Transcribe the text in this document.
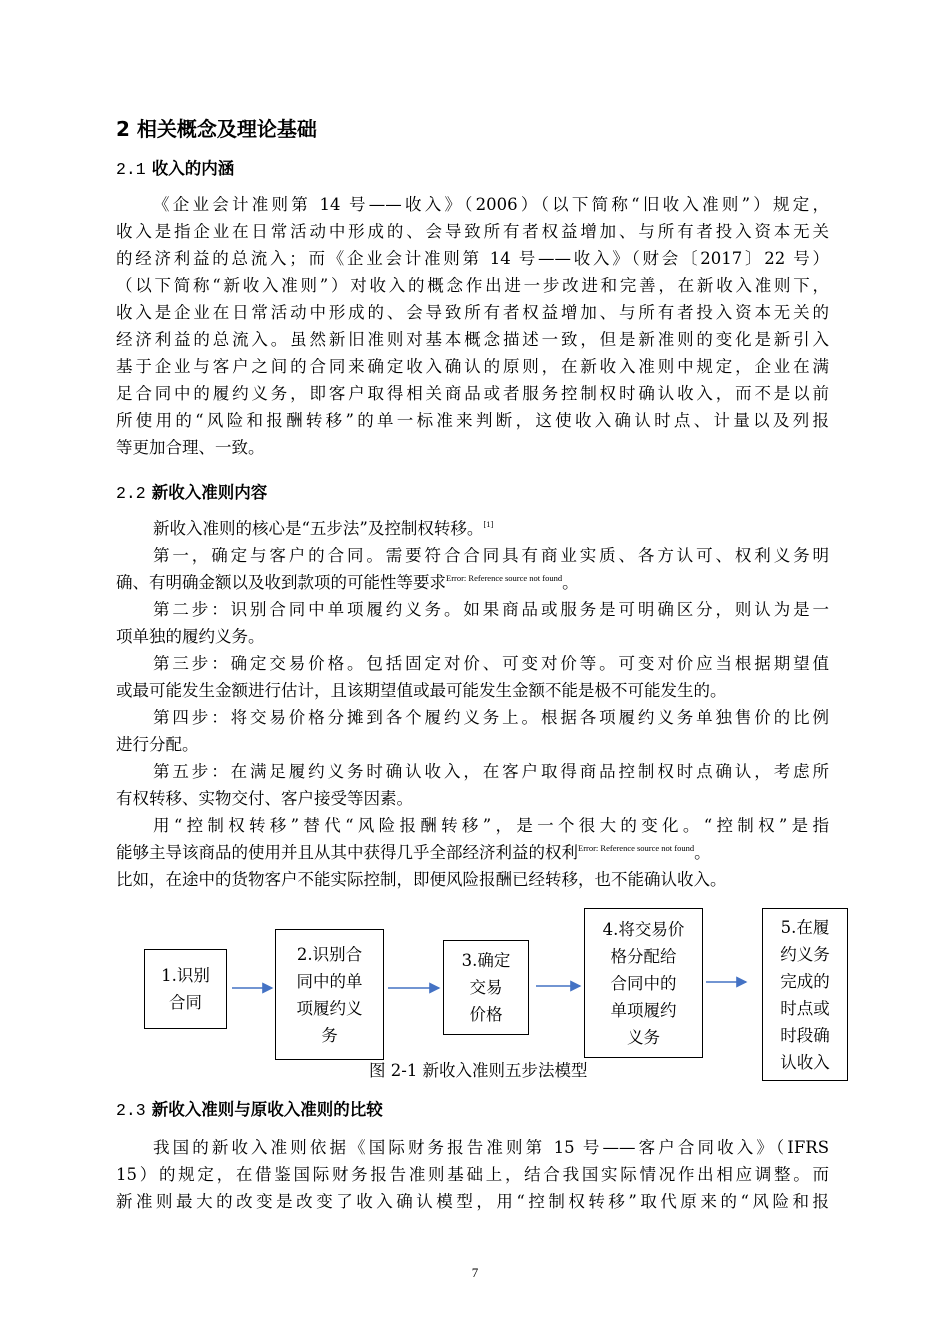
2 相关概念及理论基础
2.1 收入的内涵
《企业会计准则第 14 号——收入》（2006）（以下简称“旧收入准则”）规定，
收入是指企业在日常活动中形成的、会导致所有者权益增加、与所有者投入资本无关
的经济利益的总流入；而《企业会计准则第 14 号——收入》（财会〔2017〕22 号）
（以下简称“新收入准则”）对收入的概念作出进一步改进和完善，在新收入准则下，
收入是企业在日常活动中形成的、会导致所有者权益增加、与所有者投入资本无关的
经济利益的总流入。虽然新旧准则对基本概念描述一致，但是新准则的变化是新引入
基于企业与客户之间的合同来确定收入确认的原则，在新收入准则中规定，企业在满
足合同中的履约义务，即客户取得相关商品或者服务控制权时确认收入，而不是以前
所使用的“风险和报酬转移”的单一标准来判断，这使收入确认时点、计量以及列报
等更加合理、一致。
2.2 新收入准则内容
新收入准则的核心是“五步法”及控制权转移。[1]
第一，确定与客户的合同。需要符合合同具有商业实质、各方认可、权利义务明
确、有明确金额以及收到款项的可能性等要求$^{Error: Reference source not found}$。
第二步：识别合同中单项履约义务。如果商品或服务是可明确区分，则认为是一
项单独的履约义务。
第三步：确定交易价格。包括固定对价、可变对价等。可变对价应当根据期望值
或最可能发生金额进行估计，且该期望值或最可能发生金额不能是极不可能发生的。
第四步：将交易价格分摊到各个履约义务上。根据各项履约义务单独售价的比例
进行分配。
第五步：在满足履约义务时确认收入，在客户取得商品控制权时点确认，考虑所
有权转移、实物交付、客户接受等因素。
用“控制权转移”替代“风险报酬转移”，是一个很大的变化。“控制权”是指
能够主导该商品的使用并且从其中获得几乎全部经济利益的权利$^{Error: Reference source not found}$。
比如，在途中的货物客户不能实际控制，即便风险报酬已经转移，也不能确认收入。
1.识别
合同
2.识别合
同中的单
项履约义
务
3.确定
交易
价格
4.将交易价
格分配给
合同中的
单项履约
义务
5.在履
约义务
完成的
时点或
时段确
认收入
图 2-1 新收入准则五步法模型
2.3 新收入准则与原收入准则的比较
我国的新收入准则依据《国际财务报告准则第 15 号——客户合同收入》（IFRS
15）的规定，在借鉴国际财务报告准则基础上，结合我国实际情况作出相应调整。而
新准则最大的改变是改变了收入确认模型，用“控制权转移”取代原来的“风险和报
7
